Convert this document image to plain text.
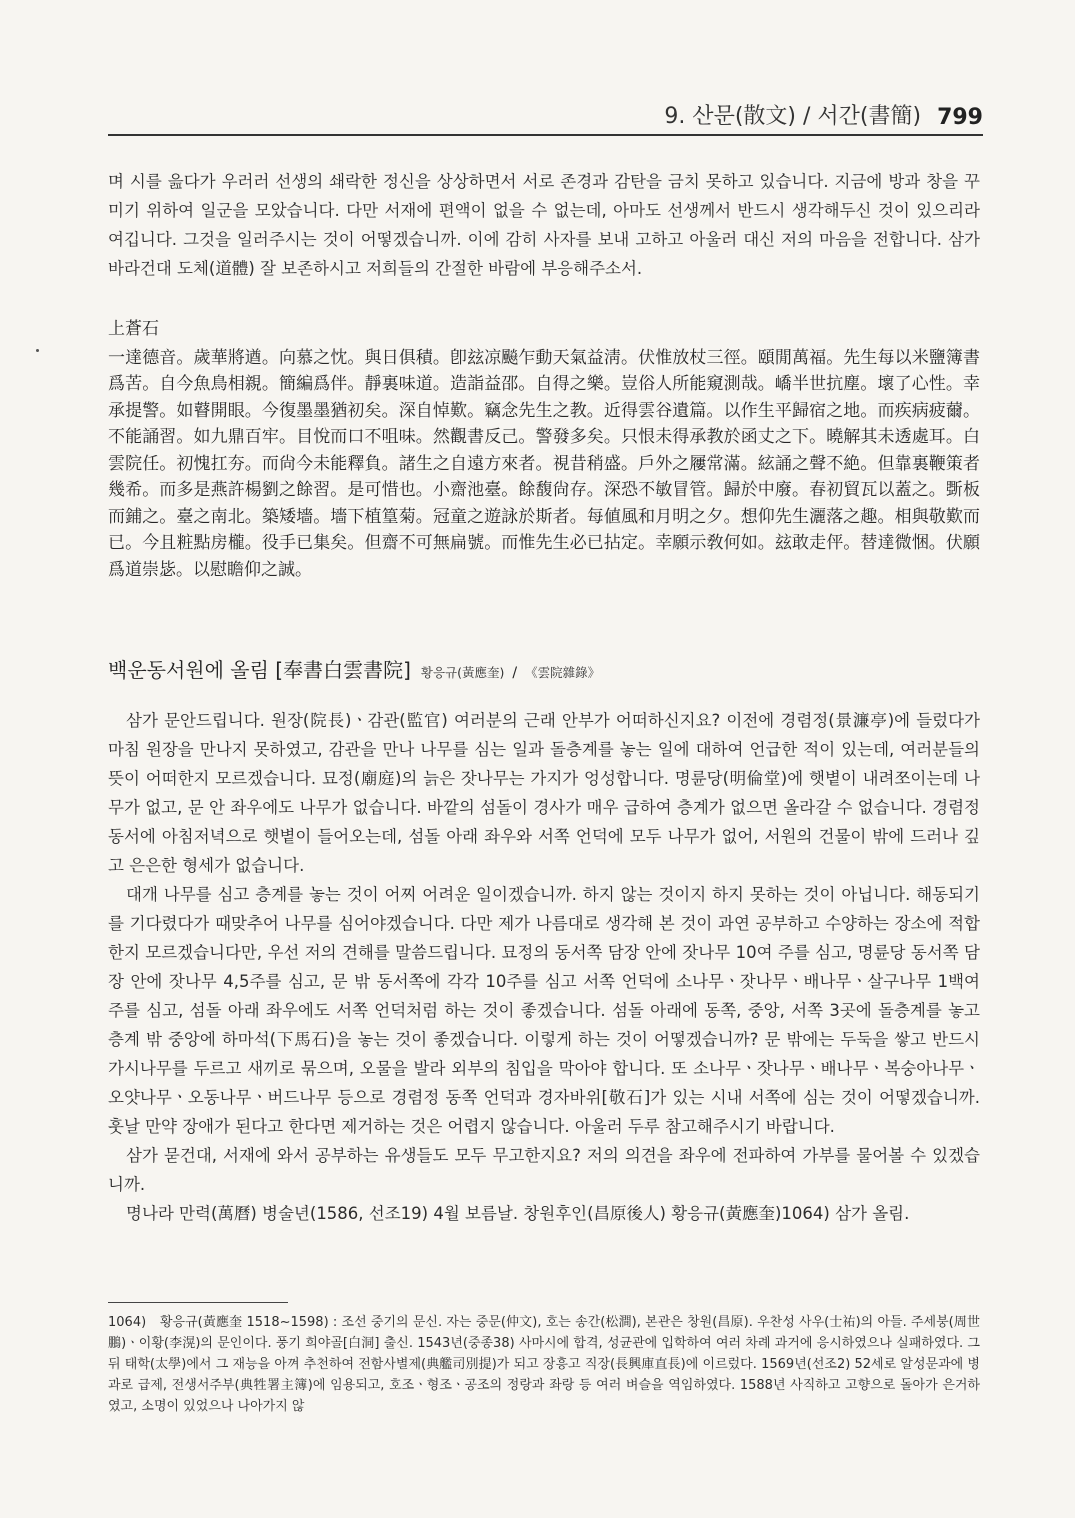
9. 산문(散文) / 서간(書簡) 799

며 시를 읊다가 우러러 선생의 쇄락한 정신을 상상하면서 서로 존경과 감탄을 금치 못하고 있습니다. 지금에 방과 창을 꾸미기 위하여 일군을 모았습니다. 다만 서재에 편액이 없을 수 없는데, 아마도 선생께서 반드시 생각해두신 것이 있으리라 여깁니다. 그것을 일러주시는 것이 어떻겠습니까. 이에 감히 사자를 보내 고하고 아울러 대신 저의 마음을 전합니다. 삼가 바라건대 도체(道體) 잘 보존하시고 저희들의 간절한 바람에 부응해주소서.

上蒼石

一達德音。歲華將遒。向慕之忱。與日俱積。卽玆凉飈乍動天氣益淸。伏惟放杖三徑。頤閒萬福。先生每以米鹽簿書爲苦。自今魚鳥相親。簡編爲伴。靜裏味道。造詣益邵。自得之樂。豈俗人所能窺測哉。嶠半世抗塵。壞了心性。幸承提警。如瞽開眼。今復墨墨猶初矣。深自悼歎。竊念先生之教。近得雲谷遺篇。以作生平歸宿之地。而疾病疲薾。不能誦習。如九鼎百牢。目悅而口不咀味。然觀書反己。警發多矣。只恨未得承教於函丈之下。曉解其未透處耳。白雲院任。初愧扛夯。而尙今未能釋負。諸生之自遠方來者。視昔稍盛。戶外之屨常滿。絃誦之聲不絶。但靠裏鞭策者幾希。而多是燕許楊劉之餘習。是可惜也。小齋池臺。餘馥尙存。深恐不敏冒管。歸於中廢。春初貿瓦以蓋之。斲板而鋪之。臺之南北。築矮墻。墻下植篁菊。冠童之遊詠於斯者。每値風和月明之夕。想仰先生灑落之趣。相與敬歎而已。今且粧點房櫳。役手已集矣。但齋不可無扁號。而惟先生必已拈定。幸願示敎何如。玆敢走伻。替達微悃。伏願爲道崇毖。以慰瞻仰之誠。

백운동서원에 올림 [奉書白雲書院] 황응규(黃應奎) / 《雲院雜錄》

삼가 문안드립니다. 원장(院長)ㆍ감관(監官) 여러분의 근래 안부가 어떠하신지요? 이전에 경렴정(景濂亭)에 들렀다가 마침 원장을 만나지 못하였고, 감관을 만나 나무를 심는 일과 돌층계를 놓는 일에 대하여 언급한 적이 있는데, 여러분들의 뜻이 어떠한지 모르겠습니다. 묘정(廟庭)의 늙은 잣나무는 가지가 엉성합니다. 명륜당(明倫堂)에 햇볕이 내려쪼이는데 나무가 없고, 문 안 좌우에도 나무가 없습니다. 바깥의 섬돌이 경사가 매우 급하여 층계가 없으면 올라갈 수 없습니다. 경렴정 동서에 아침저녁으로 햇볕이 들어오는데, 섬돌 아래 좌우와 서쪽 언덕에 모두 나무가 없어, 서원의 건물이 밖에 드러나 깊고 은은한 형세가 없습니다.

대개 나무를 심고 층계를 놓는 것이 어찌 어려운 일이겠습니까. 하지 않는 것이지 하지 못하는 것이 아닙니다. 해동되기를 기다렸다가 때맞추어 나무를 심어야겠습니다. 다만 제가 나름대로 생각해 본 것이 과연 공부하고 수양하는 장소에 적합한지 모르겠습니다만, 우선 저의 견해를 말씀드립니다. 묘정의 동서쪽 담장 안에 잣나무 10여 주를 심고, 명륜당 동서쪽 담장 안에 잣나무 4,5주를 심고, 문 밖 동서쪽에 각각 10주를 심고 서쪽 언덕에 소나무ㆍ잣나무ㆍ배나무ㆍ살구나무 1백여 주를 심고, 섬돌 아래 좌우에도 서쪽 언덕처럼 하는 것이 좋겠습니다. 섬돌 아래에 동쪽, 중앙, 서쪽 3곳에 돌층계를 놓고 층계 밖 중앙에 하마석(下馬石)을 놓는 것이 좋겠습니다. 이렇게 하는 것이 어떻겠습니까? 문 밖에는 두둑을 쌓고 반드시 가시나무를 두르고 새끼로 묶으며, 오물을 발라 외부의 침입을 막아야 합니다. 또 소나무ㆍ잣나무ㆍ배나무ㆍ복숭아나무ㆍ오얏나무ㆍ오동나무ㆍ버드나무 등으로 경렴정 동쪽 언덕과 경자바위[敬石]가 있는 시내 서쪽에 심는 것이 어떻겠습니까. 훗날 만약 장애가 된다고 한다면 제거하는 것은 어렵지 않습니다. 아울러 두루 참고해주시기 바랍니다.

삼가 묻건대, 서재에 와서 공부하는 유생들도 모두 무고한지요? 저의 의견을 좌우에 전파하여 가부를 물어볼 수 있겠습니까.

명나라 만력(萬曆) 병술년(1586, 선조19) 4월 보름날. 창원후인(昌原後人) 황응규(黃應奎)1064) 삼가 올림.

1064) 황응규(黃應奎 1518~1598) : 조선 중기의 문신. 자는 중문(仲文), 호는 송간(松澗), 본관은 창원(昌原). 우찬성 사우(士祐)의 아들. 주세붕(周世鵬)ㆍ이황(李滉)의 문인이다. 풍기 희야골[白洞] 출신. 1543년(중종38) 사마시에 합격, 성균관에 입학하여 여러 차례 과거에 응시하였으나 실패하였다. 그 뒤 태학(太學)에서 그 재능을 아껴 추천하여 전함사별제(典艦司別提)가 되고 장흥고 직장(長興庫直長)에 이르렀다. 1569년(선조2) 52세로 알성문과에 병과로 급제, 전생서주부(典牲署主簿)에 임용되고, 호조ㆍ형조ㆍ공조의 정랑과 좌랑 등 여러 벼슬을 역임하였다. 1588년 사직하고 고향으로 돌아가 은거하였고, 소명이 있었으나 나아가지 않
